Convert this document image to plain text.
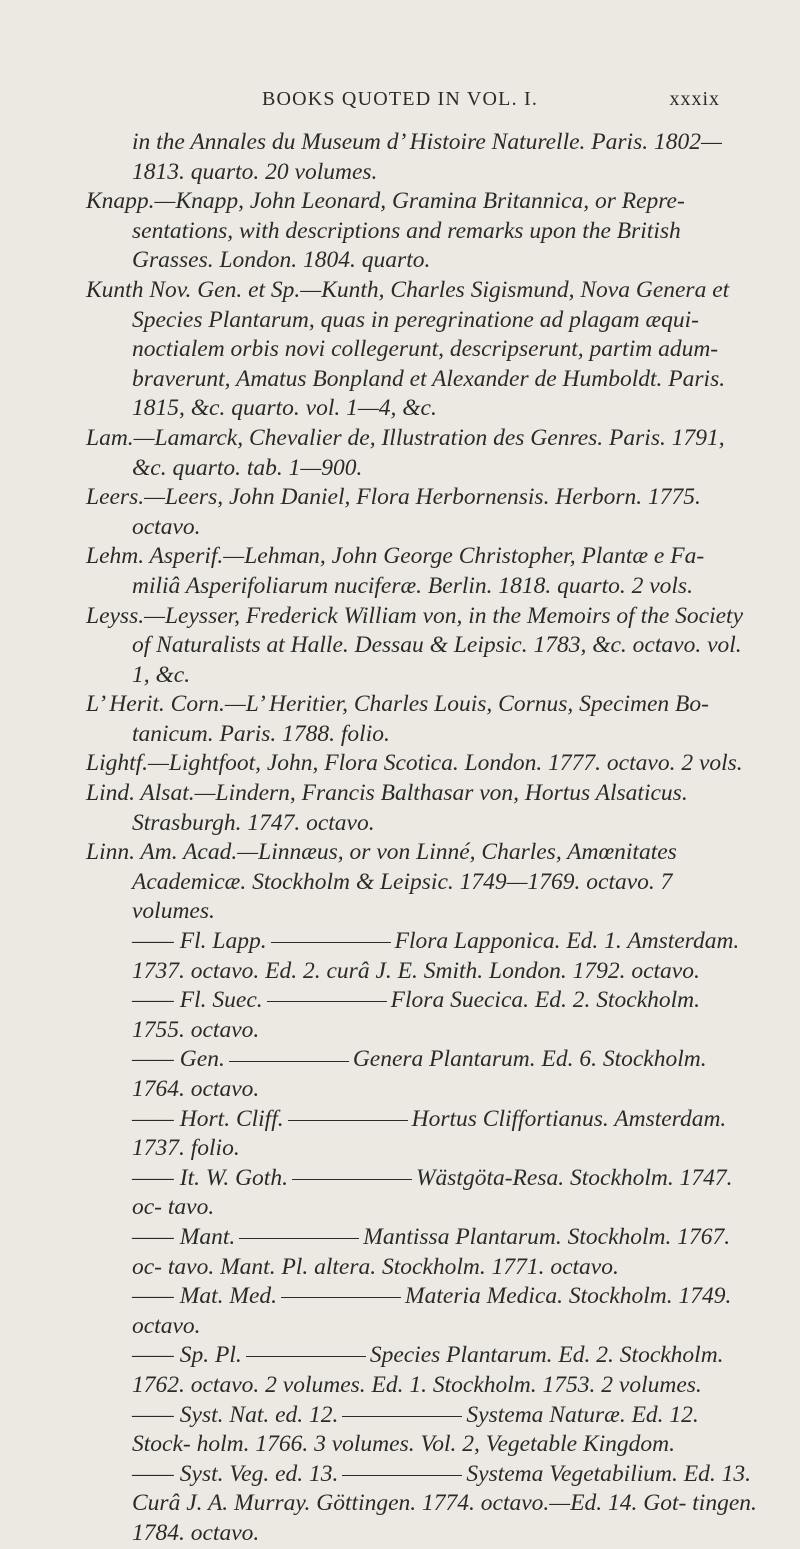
BOOKS QUOTED IN VOL. I.	xxxix

in the Annales du Museum d’ Histoire Naturelle. Paris. 1802— 1813. quarto. 20 volumes.

Knapp.—Knapp, John Leonard, Gramina Britannica, or Repre- sentations, with descriptions and remarks upon the British Grasses. London. 1804. quarto.

Kunth Nov. Gen. et Sp.—Kunth, Charles Sigismund, Nova Genera et Species Plantarum, quas in peregrinatione ad plagam æqui- noctialem orbis novi collegerunt, descripserunt, partim adum- braverunt, Amatus Bonpland et Alexander de Humboldt. Paris. 1815, &c. quarto. vol. 1—4, &c.

Lam.—Lamarck, Chevalier de, Illustration des Genres. Paris. 1791, &c. quarto. tab. 1—900.

Leers.—Leers, John Daniel, Flora Herbornensis. Herborn. 1775. octavo.

Lehm. Asperif.—Lehman, John George Christopher, Plantæ e Fa- miliâ Asperifoliarum nuciferæ. Berlin. 1818. quarto. 2 vols.

Leyss.—Leysser, Frederick William von, in the Memoirs of the Society of Naturalists at Halle. Dessau & Leipsic. 1783, &c. octavo. vol. 1, &c.

L’ Herit. Corn.—L’ Heritier, Charles Louis, Cornus, Specimen Bo- tanicum. Paris. 1788. folio.

Lightf.—Lightfoot, John, Flora Scotica. London. 1777. octavo. 2 vols.

Lind. Alsat.—Lindern, Francis Balthasar von, Hortus Alsaticus. Strasburgh. 1747. octavo.

Linn. Am. Acad.—Linnæus, or von Linné, Charles, Amœnitates Academicæ. Stockholm & Leipsic. 1749—1769. octavo. 7 volumes.

—— Fl. Lapp.	Flora Lapponica. Ed. 1. Amsterdam. 1737. octavo. Ed. 2. curâ J. E. Smith. London. 1792. octavo.

—— Fl. Suec.	Flora Suecica. Ed. 2. Stockholm. 1755. octavo.

—— Gen.	Genera Plantarum. Ed. 6. Stockholm. 1764. octavo.

—— Hort. Cliff.	Hortus Cliffortianus. Amsterdam. 1737. folio.

—— It. W. Goth.	Wästgöta-Resa. Stockholm. 1747. oc- tavo.

—— Mant.	Mantissa Plantarum. Stockholm. 1767. oc- tavo. Mant. Pl. altera. Stockholm. 1771. octavo.

—— Mat. Med.	Materia Medica. Stockholm. 1749. octavo.

—— Sp. Pl.	Species Plantarum. Ed. 2. Stockholm. 1762. octavo. 2 volumes. Ed. 1. Stockholm. 1753. 2 volumes.

—— Syst. Nat. ed. 12.	Systema Naturæ. Ed. 12. Stock- holm. 1766. 3 volumes. Vol. 2, Vegetable Kingdom.

—— Syst. Veg. ed. 13.	Systema Vegetabilium. Ed. 13. Curâ J. A. Murray. Göttingen. 1774. octavo.—Ed. 14. Got- tingen. 1784. octavo.
